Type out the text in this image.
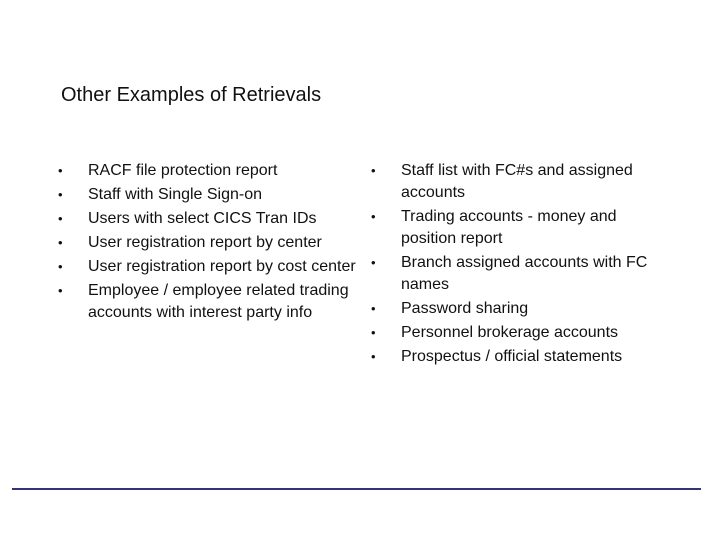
Other Examples of Retrievals
•	RACF file protection report
•	Staff with Single Sign-on
•	Users with select CICS Tran IDs
•	User registration report by center
•	User registration report by cost center
•	Employee / employee related trading accounts with interest party info
•	Staff list with FC#s and assigned accounts
•	Trading accounts - money and position report
•	Branch assigned accounts with FC names
•	Password sharing
•	Personnel brokerage accounts
•	Prospectus / official statements
